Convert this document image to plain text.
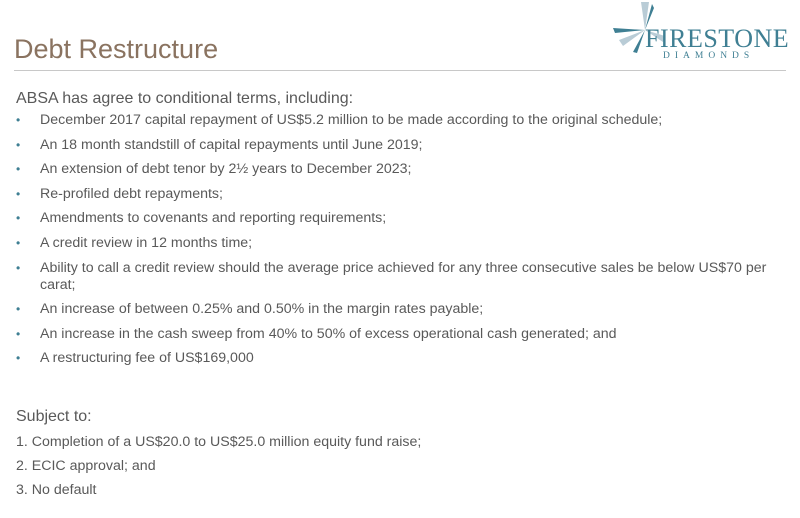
Debt Restructure	FIRESTONE
DIAMONDS
ABSA has agree to conditional terms, including:
• December 2017 capital repayment of US$5.2 million to be made according to the original schedule;
• An 18 month standstill of capital repayments until June 2019;
• An extension of debt tenor by 2½ years to December 2023;
• Re-profiled debt repayments;
• Amendments to covenants and reporting requirements;
• A credit review in 12 months time;
• Ability to call a credit review should the average price achieved for any three consecutive sales be below US$70 per carat;
• An increase of between 0.25% and 0.50% in the margin rates payable;
• An increase in the cash sweep from 40% to 50% of excess operational cash generated; and
• A restructuring fee of US$169,000
Subject to:
1. Completion of a US$20.0 to US$25.0 million equity fund raise;
2. ECIC approval; and
3. No default
